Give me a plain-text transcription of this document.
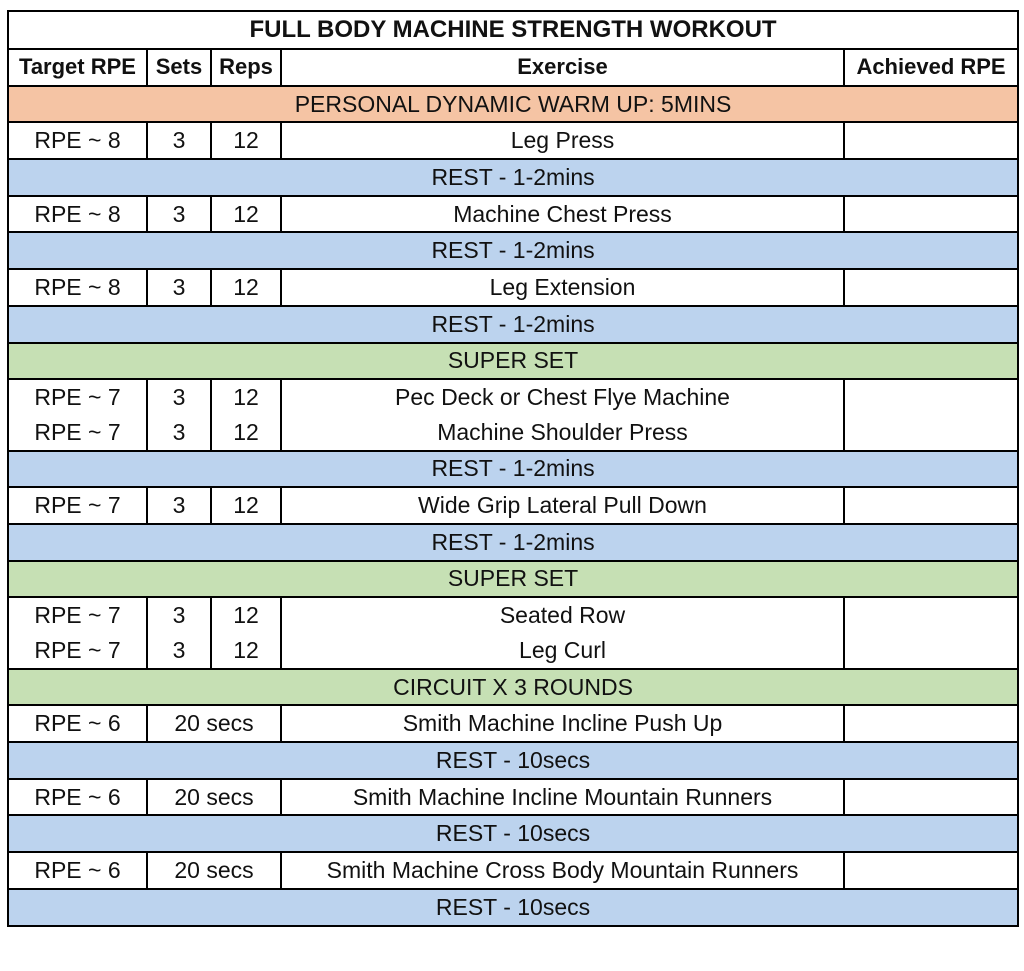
FULL BODY MACHINE STRENGTH WORKOUT				
Target RPE	Sets	Reps	Exercise	Achieved RPE
PERSONAL DYNAMIC WARM UP: 5MINS				
RPE ~ 8	3	12	Leg Press	
REST - 1-2mins				
RPE ~ 8	3	12	Machine Chest Press	
REST - 1-2mins				
RPE ~ 8	3	12	Leg Extension	
REST - 1-2mins				
SUPER SET				
RPE ~ 7	3	12	Pec Deck or Chest Flye Machine	
RPE ~ 7	3	12	Machine Shoulder Press	
REST - 1-2mins				
RPE ~ 7	3	12	Wide Grip Lateral Pull Down	
REST - 1-2mins				
SUPER SET				
RPE ~ 7	3	12	Seated Row	
RPE ~ 7	3	12	Leg Curl	
CIRCUIT X 3 ROUNDS				
RPE ~ 6	20 secs		Smith Machine Incline Push Up	
REST - 10secs				
RPE ~ 6	20 secs		Smith Machine Incline Mountain Runners	
REST - 10secs				
RPE ~ 6	20 secs		Smith Machine Cross Body Mountain Runners	
REST - 10secs				
